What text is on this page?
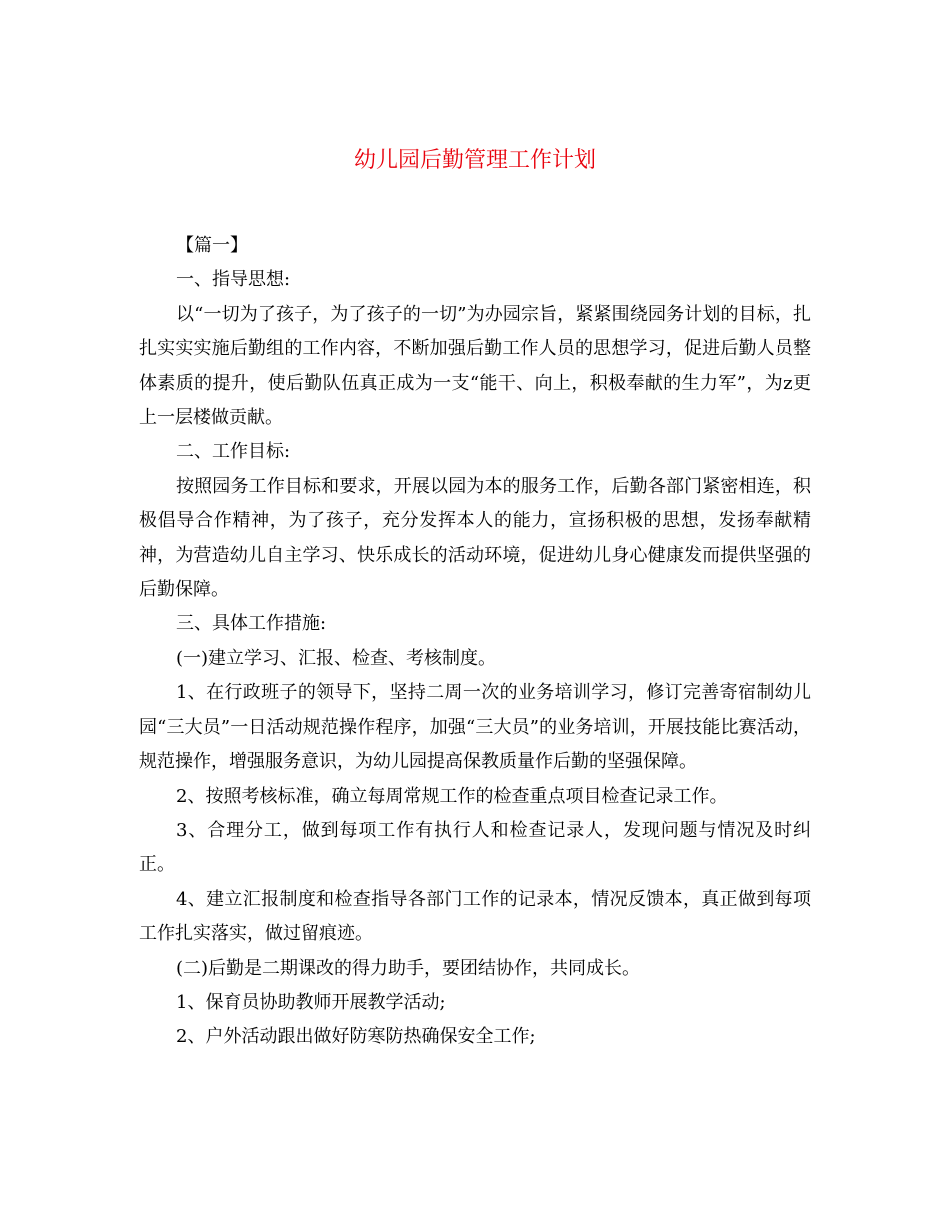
幼儿园后勤管理工作计划

【篇一】

一、指导思想:

以“一切为了孩子，为了孩子的一切”为办园宗旨，紧紧围绕园务计划的目标，扎扎实实实施后勤组的工作内容，不断加强后勤工作人员的思想学习，促进后勤人员整体素质的提升，使后勤队伍真正成为一支“能干、向上，积极奉献的生力军”，为z更上一层楼做贡献。

二、工作目标:

按照园务工作目标和要求，开展以园为本的服务工作，后勤各部门紧密相连，积极倡导合作精神，为了孩子，充分发挥本人的能力，宣扬积极的思想，发扬奉献精神，为营造幼儿自主学习、快乐成长的活动环境，促进幼儿身心健康发而提供坚强的后勤保障。

三、具体工作措施:

(一)建立学习、汇报、检查、考核制度。

1、在行政班子的领导下，坚持二周一次的业务培训学习，修订完善寄宿制幼儿园“三大员”一日活动规范操作程序，加强“三大员”的业务培训，开展技能比赛活动，规范操作，增强服务意识，为幼儿园提高保教质量作后勤的坚强保障。

2、按照考核标准，确立每周常规工作的检查重点项目检查记录工作。

3、合理分工，做到每项工作有执行人和检查记录人，发现问题与情况及时纠正。

4、建立汇报制度和检查指导各部门工作的记录本，情况反馈本，真正做到每项工作扎实落实，做过留痕迹。

(二)后勤是二期课改的得力助手，要团结协作，共同成长。

1、保育员协助教师开展教学活动;

2、户外活动跟出做好防寒防热确保安全工作;
